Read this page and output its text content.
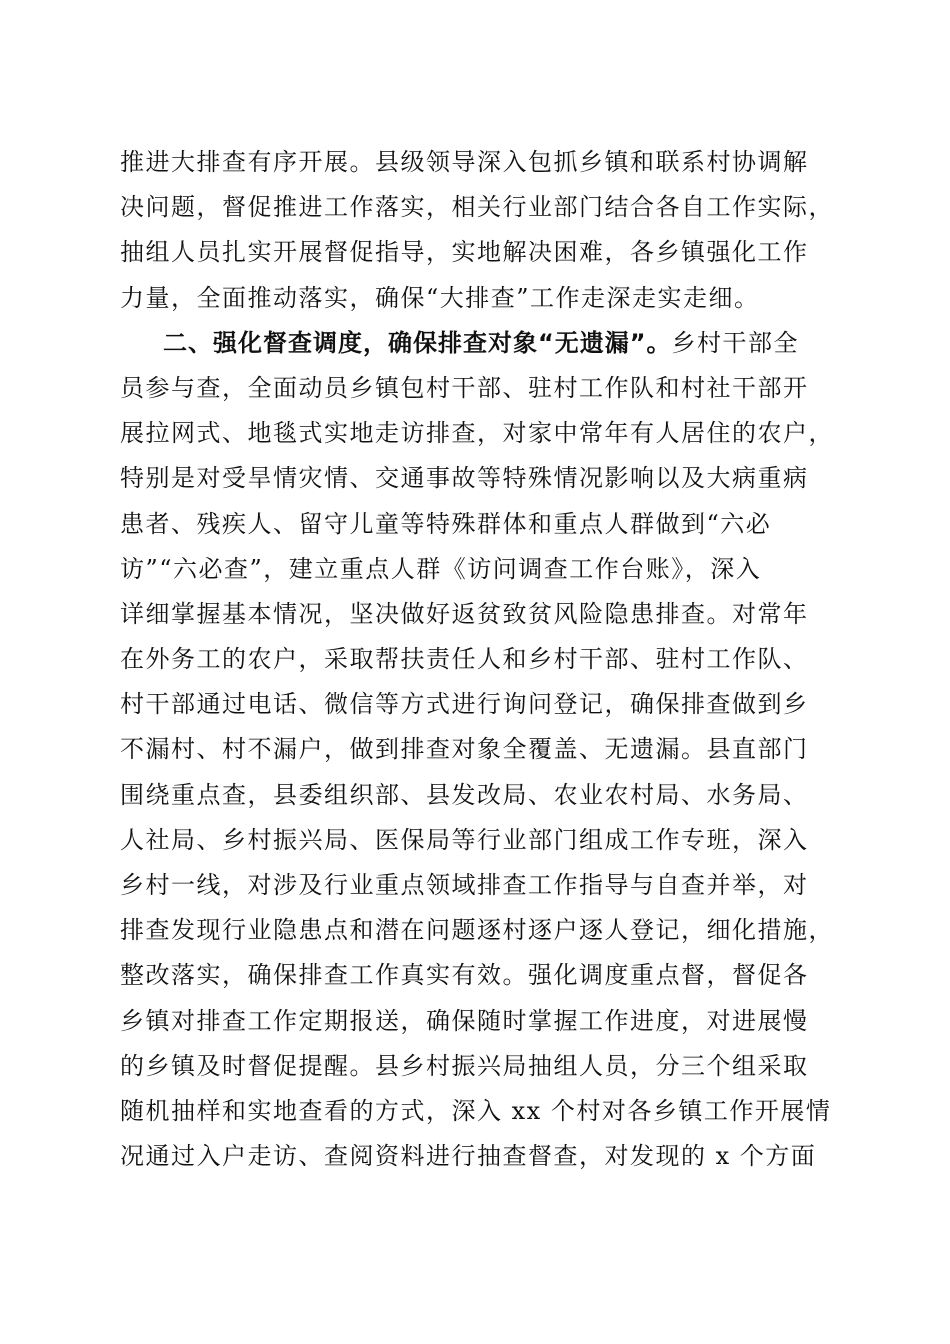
推进大排查有序开展。县级领导深入包抓乡镇和联系村协调解
决问题，督促推进工作落实，相关行业部门结合各自工作实际，
抽组人员扎实开展督促指导，实地解决困难，各乡镇强化工作
力量，全面推动落实，确保“大排查”工作走深走实走细。
二、强化督查调度，确保排查对象“无遗漏”。乡村干部全
员参与查，全面动员乡镇包村干部、驻村工作队和村社干部开
展拉网式、地毯式实地走访排查，对家中常年有人居住的农户，
特别是对受旱情灾情、交通事故等特殊情况影响以及大病重病
患者、残疾人、留守儿童等特殊群体和重点人群做到“六必
访”“六必查”，建立重点人群《访问调查工作台账》，深入
详细掌握基本情况，坚决做好返贫致贫风险隐患排查。对常年
在外务工的农户，采取帮扶责任人和乡村干部、驻村工作队、
村干部通过电话、微信等方式进行询问登记，确保排查做到乡
不漏村、村不漏户，做到排查对象全覆盖、无遗漏。县直部门
围绕重点查，县委组织部、县发改局、农业农村局、水务局、
人社局、乡村振兴局、医保局等行业部门组成工作专班，深入
乡村一线，对涉及行业重点领域排查工作指导与自查并举，对
排查发现行业隐患点和潜在问题逐村逐户逐人登记，细化措施，
整改落实，确保排查工作真实有效。强化调度重点督，督促各
乡镇对排查工作定期报送，确保随时掌握工作进度，对进展慢
的乡镇及时督促提醒。县乡村振兴局抽组人员，分三个组采取
随机抽样和实地查看的方式，深入 xx 个村对各乡镇工作开展情
况通过入户走访、查阅资料进行抽查督查，对发现的 x 个方面
